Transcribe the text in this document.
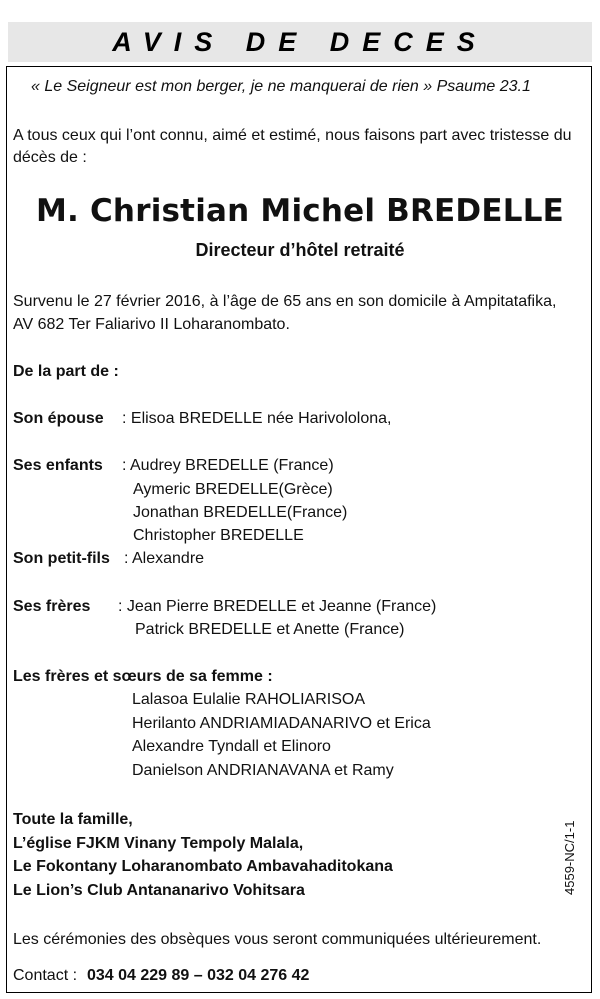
AVIS DE DECES
« Le Seigneur est mon berger, je ne manquerai de rien » Psaume 23.1
A tous ceux qui l’ont connu, aimé et estimé, nous faisons part avec tristesse du
décès de :
M. Christian Michel BREDELLE
Directeur d’hôtel retraité
Survenu le 27 février 2016, à l’âge de 65 ans en son domicile à Ampitatafika,
AV 682 Ter Faliarivo II Loharanombato.
De la part de :
Son épouse : Elisoa BREDELLE née Harivololona,
Ses enfants : Audrey BREDELLE (France)
Aymeric BREDELLE(Grèce)
Jonathan BREDELLE(France)
Christopher BREDELLE
Son petit-fils : Alexandre
Ses frères : Jean Pierre BREDELLE et Jeanne (France)
Patrick BREDELLE et Anette (France)
Les frères et sœurs de sa femme :
Lalasoa Eulalie RAHOLIARISOA
Herilanto ANDRIAMIADANARIVO et Erica
Alexandre Tyndall et Elinoro
Danielson ANDRIANAVANA et Ramy
Toute la famille,
L’église FJKM Vinany Tempoly Malala,
Le Fokontany Loharanombato Ambavahaditokana
Le Lion’s Club Antananarivo Vohitsara
Les cérémonies des obsèques vous seront communiquées ultérieurement.
Contact : 034 04 229 89 – 032 04 276 42
4559-NC/1-1
